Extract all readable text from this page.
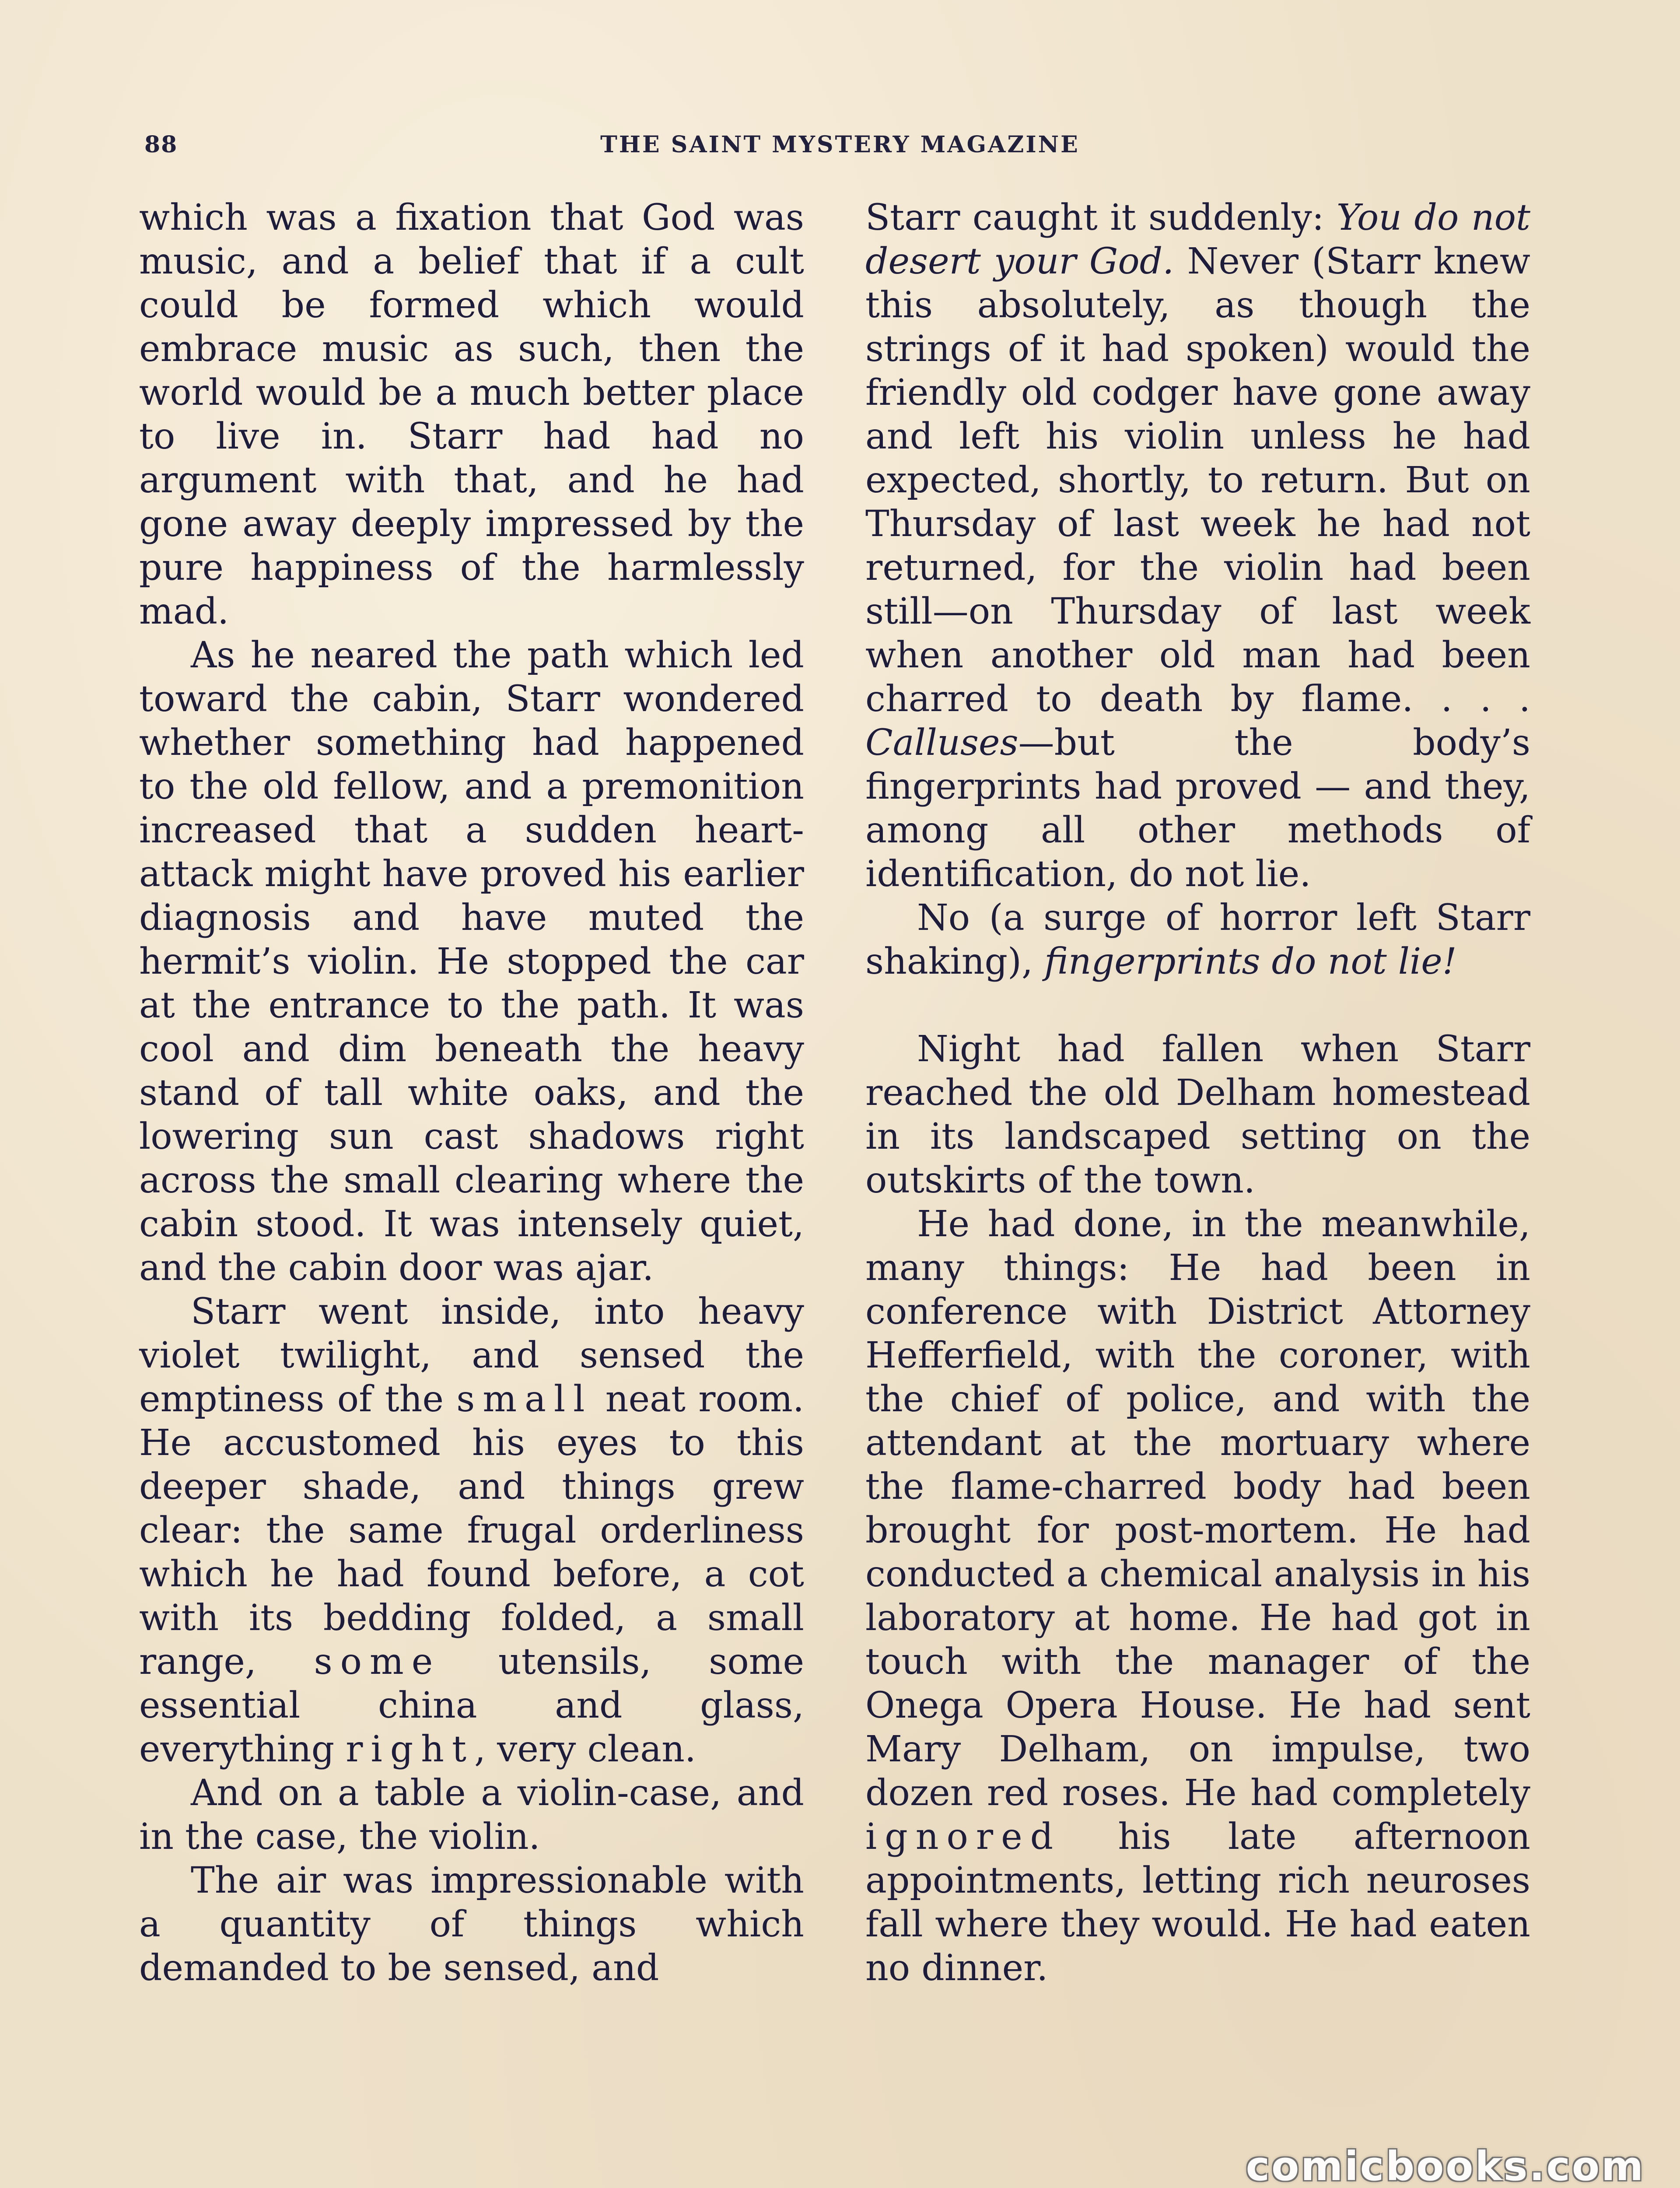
88	THE SAINT MYSTERY MAGAZINE

which was a fixation that God was music, and a belief that if a cult could be formed which would embrace music as such, then the world would be a much better place to live in. Starr had had no argument with that, and he had gone away deeply impressed by the pure happiness of the harmlessly mad.

As he neared the path which led toward the cabin, Starr wondered whether something had happened to the old fellow, and a premonition increased that a sudden heart-attack might have proved his earlier diagnosis and have muted the hermit’s violin. He stopped the car at the entrance to the path. It was cool and dim beneath the heavy stand of tall white oaks, and the lowering sun cast shadows right across the small clearing where the cabin stood. It was intensely quiet, and the cabin door was ajar.

Starr went inside, into heavy violet twilight, and sensed the emptiness of the small neat room. He accustomed his eyes to this deeper shade, and things grew clear: the same frugal orderliness which he had found before, a cot with its bedding folded, a small range, some utensils, some essential china and glass, everything right, very clean.

And on a table a violin-case, and in the case, the violin.

The air was impressionable with a quantity of things which demanded to be sensed, and

Starr caught it suddenly: You do not desert your God. Never (Starr knew this absolutely, as though the strings of it had spoken) would the friendly old codger have gone away and left his violin unless he had expected, shortly, to return. But on Thursday of last week he had not returned, for the violin had been still—on Thursday of last week when another old man had been charred to death by flame. . . . Calluses—but the body’s fingerprints had proved — and they, among all other methods of identification, do not lie.

No (a surge of horror left Starr shaking), fingerprints do not lie!

Night had fallen when Starr reached the old Delham homestead in its landscaped setting on the outskirts of the town.

He had done, in the meanwhile, many things: He had been in conference with District Attorney Hefferfield, with the coroner, with the chief of police, and with the attendant at the mortuary where the flame-charred body had been brought for post-mortem. He had conducted a chemical analysis in his laboratory at home. He had got in touch with the manager of the Onega Opera House. He had sent Mary Delham, on impulse, two dozen red roses. He had completely ignored his late afternoon appointments, letting rich neuroses fall where they would. He had eaten no dinner.

comicbooks.com
